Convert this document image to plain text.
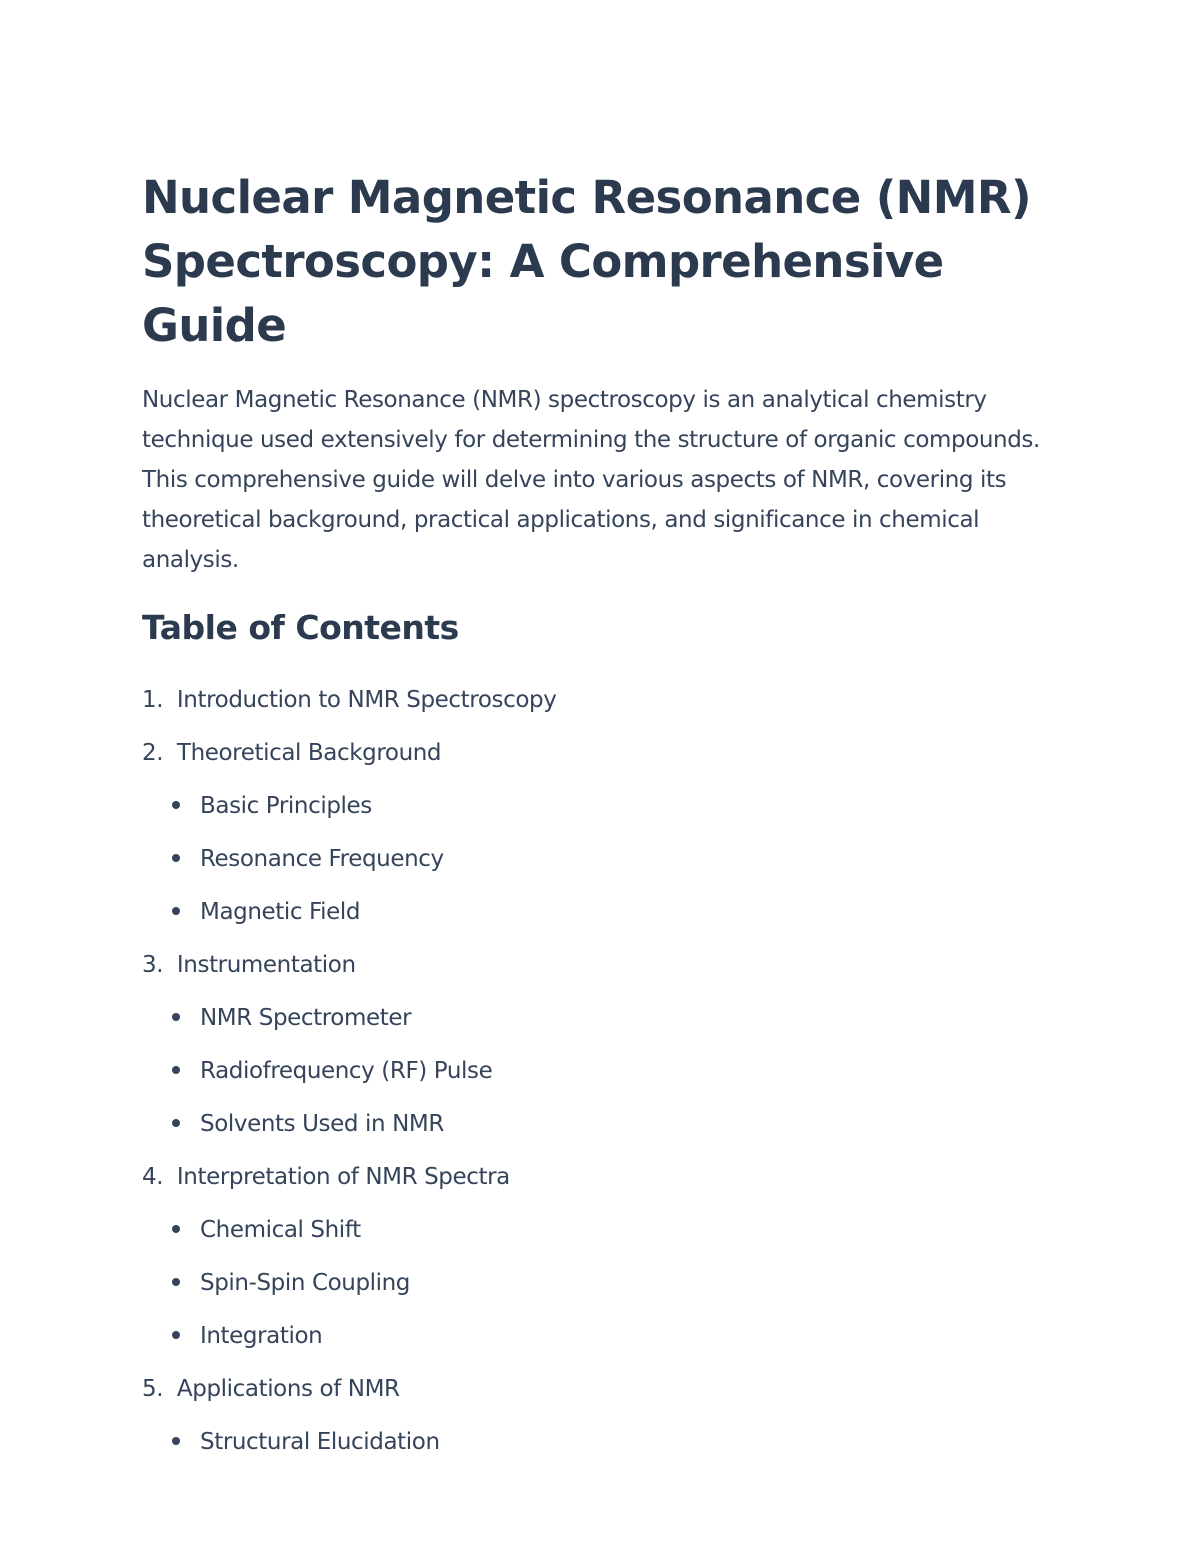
Nuclear Magnetic Resonance (NMR)
Spectroscopy: A Comprehensive Guide

Nuclear Magnetic Resonance (NMR) spectroscopy is an analytical chemistry technique used extensively for determining the structure of organic compounds. This comprehensive guide will delve into various aspects of NMR, covering its theoretical background, practical applications, and significance in chemical analysis.

Table of Contents
1. Introduction to NMR Spectroscopy
2. Theoretical Background
Basic Principles
Resonance Frequency
Magnetic Field
3. Instrumentation
NMR Spectrometer
Radiofrequency (RF) Pulse
Solvents Used in NMR
4. Interpretation of NMR Spectra
Chemical Shift
Spin-Spin Coupling
Integration
5. Applications of NMR
Structural Elucidation
